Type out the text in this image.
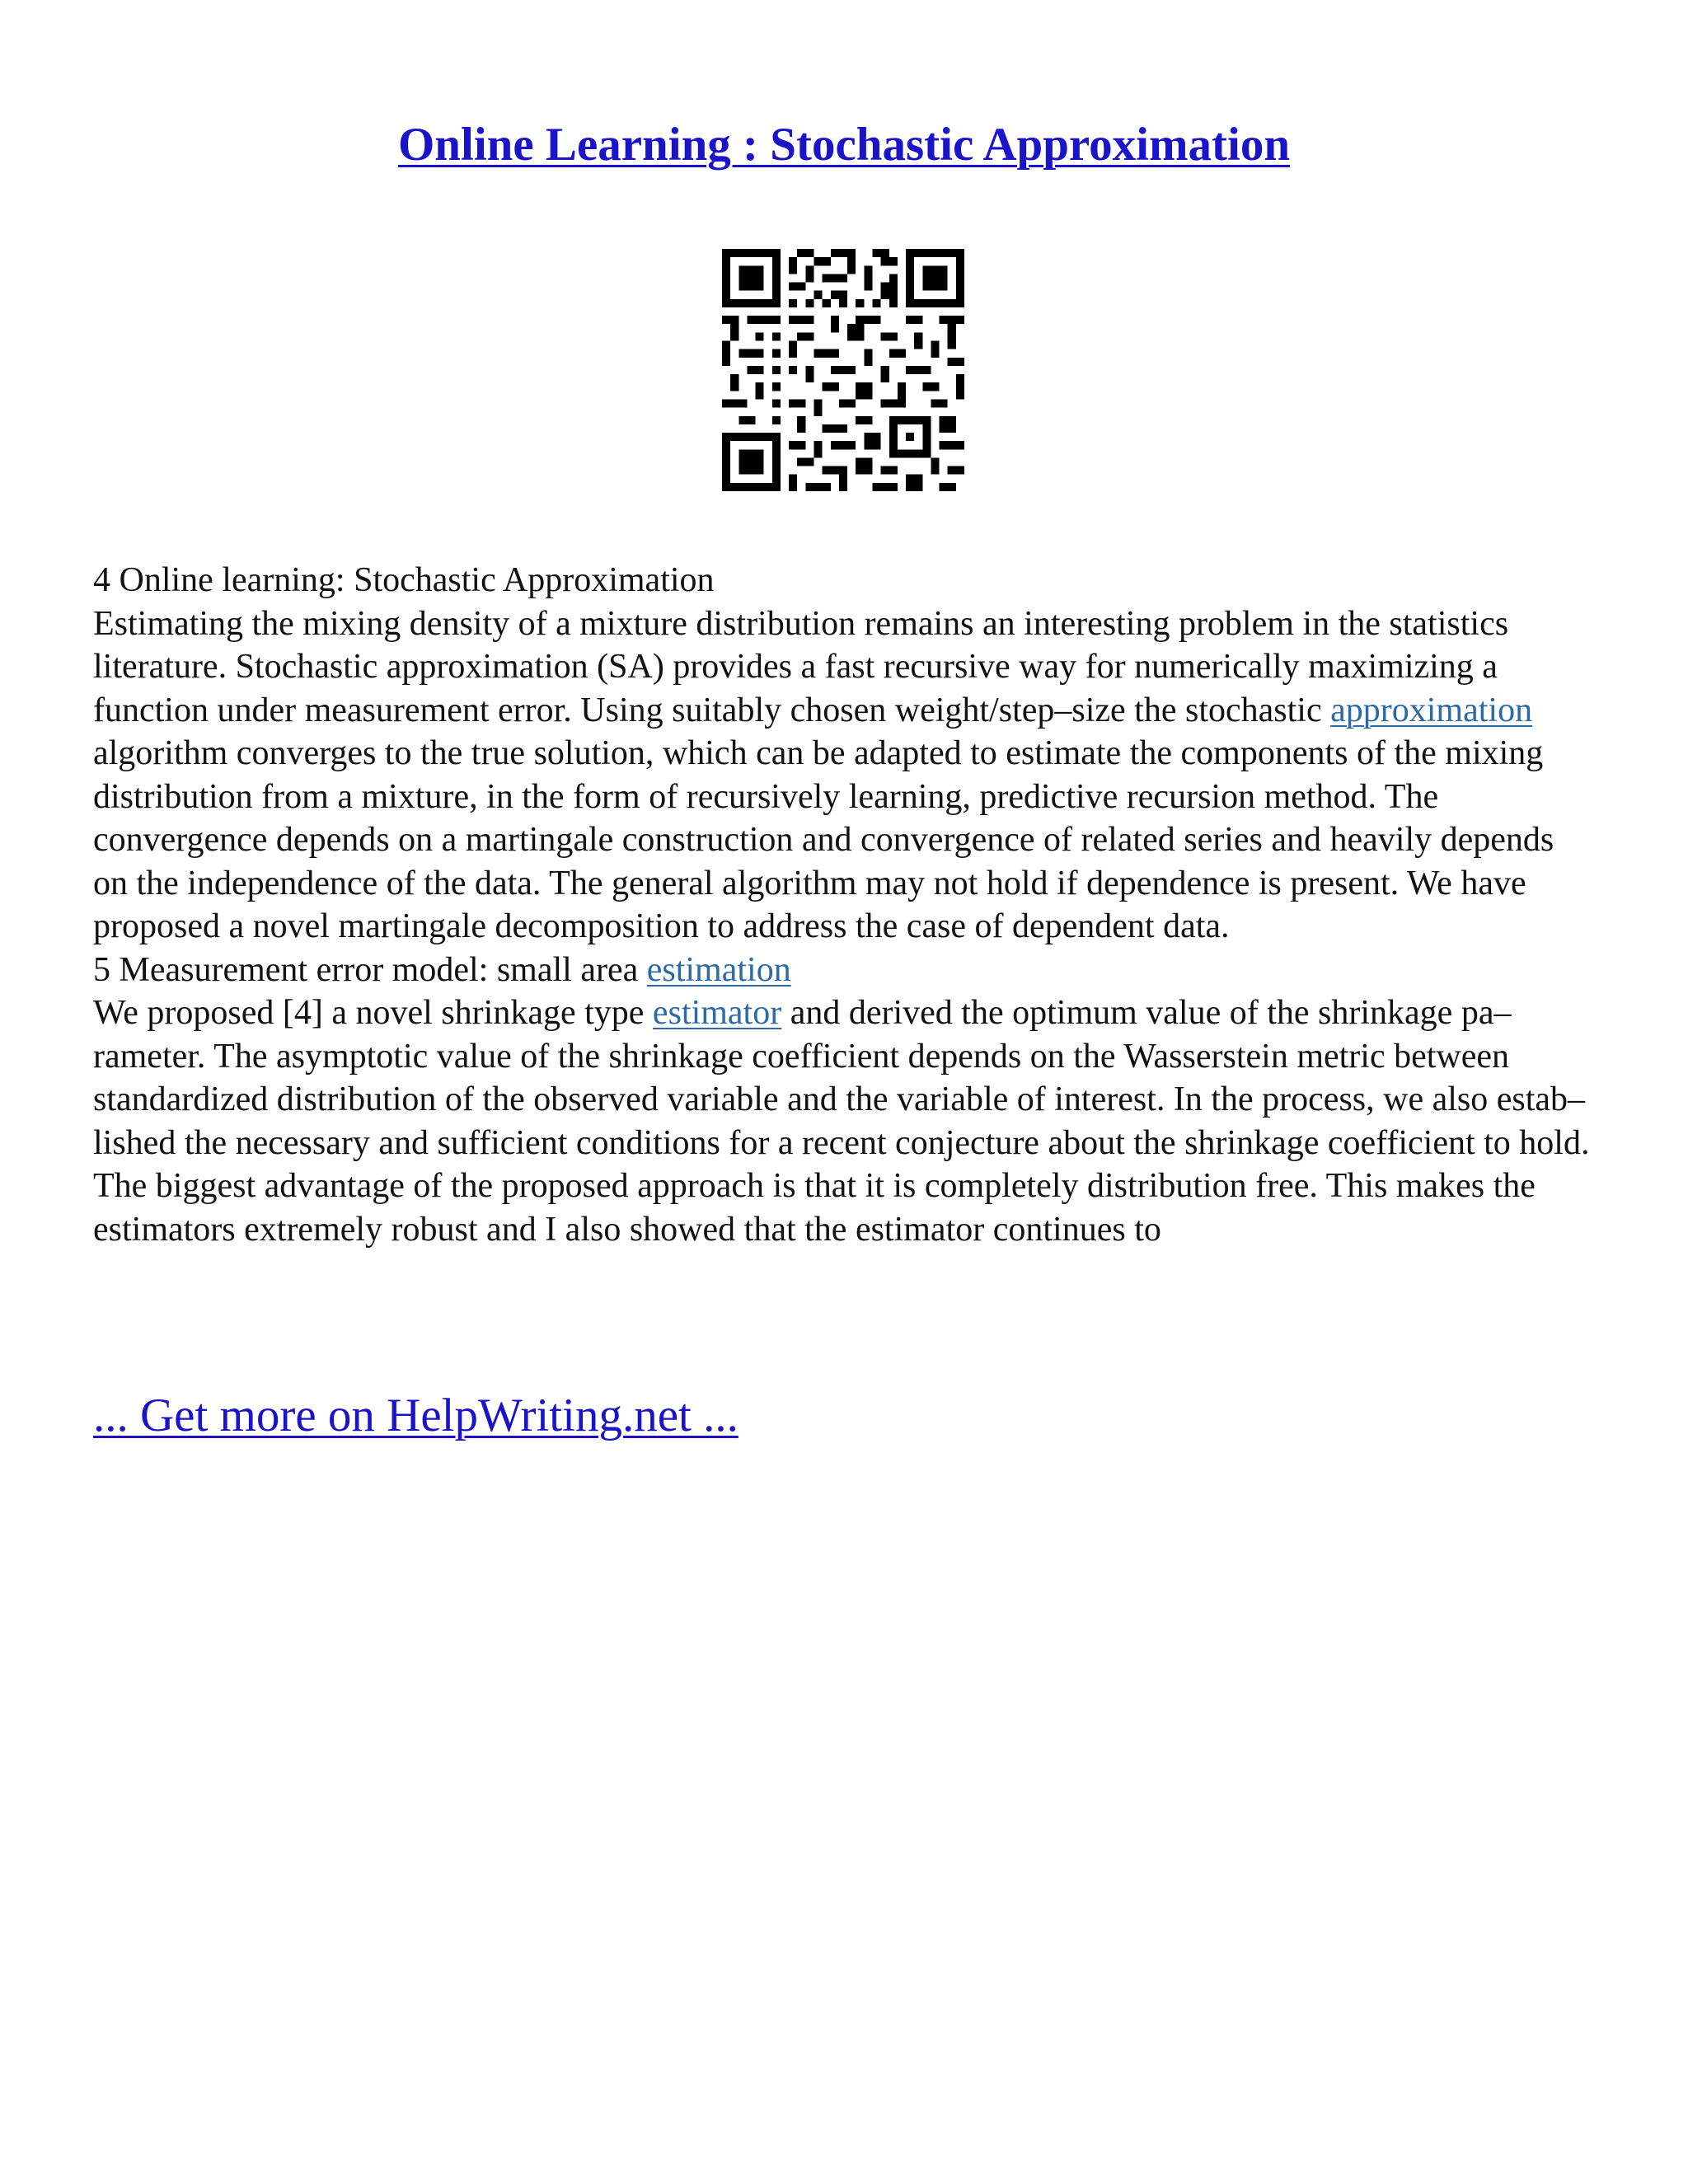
Online Learning : Stochastic Approximation

4 Online learning: Stochastic Approximation

Estimating the mixing density of a mixture distribution remains an interesting problem in the statistics literature. Stochastic approximation (SA) provides a fast recursive way for numerically maximizing a function under measurement error. Using suitably chosen weight/step–size the stochastic approximation algorithm converges to the true solution, which can be adapted to estimate the components of the mixing distribution from a mixture, in the form of recursively learning, predictive recursion method. The convergence depends on a martingale construction and convergence of related series and heavily depends on the independence of the data. The general algorithm may not hold if dependence is present. We have proposed a novel martingale decomposition to address the case of dependent data.

5 Measurement error model: small area estimation

We proposed [4] a novel shrinkage type estimator and derived the optimum value of the shrinkage pa– rameter. The asymptotic value of the shrinkage coefficient depends on the Wasserstein metric between standardized distribution of the observed variable and the variable of interest. In the process, we also estab– lished the necessary and sufficient conditions for a recent conjecture about the shrinkage coefficient to hold. The biggest advantage of the proposed approach is that it is completely distribution free. This makes the estimators extremely robust and I also showed that the estimator continues to

... Get more on HelpWriting.net ...
